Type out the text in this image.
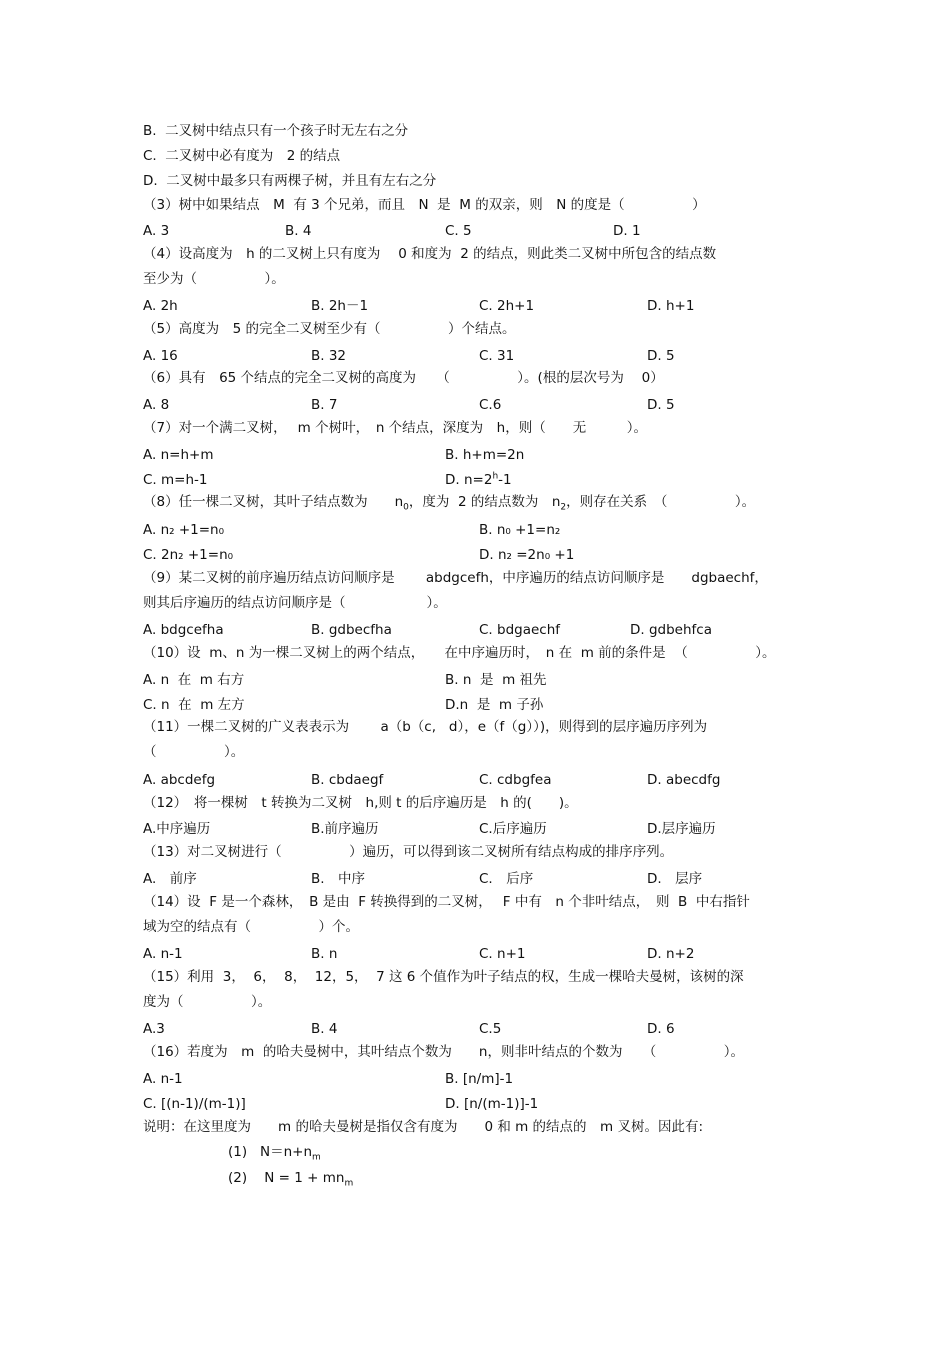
B.  二叉树中结点只有一个孩子时无左右之分
C.  二叉树中必有度为　2 的结点
D.  二叉树中最多只有两棵子树，并且有左右之分
（3）树中如果结点　M  有 3 个兄弟，而且　N  是  M 的双亲，则　N 的度是（　　　　　）
A. 3	B. 4	C. 5	D. 1
（4）设高度为　h 的二叉树上只有度为　 0 和度为  2 的结点，则此类二叉树中所包含的结点数
至少为（　　　　　）。
A. 2h	B. 2h－1	C. 2h+1	D. h+1
（5）高度为　5 的完全二叉树至少有（　　　　　）个结点。
A. 16	B. 32	C. 31	D. 5
（6）具有　65 个结点的完全二叉树的高度为　　（　　　　　）。(根的层次号为　 0）
A. 8	B. 7	C.6	D. 5
（7）对一个满二叉树，　 m 个树叶，　n 个结点，深度为　h，则（　　无　　　）。
A. n=h+m	B. h+m=2n
C. m=h-1	D. $n=2^h-1$
（8）任一棵二叉树，其叶子结点数为　　$n_0$，度为  2 的结点数为　$n_2$，则存在关系　（　　　　　）。
A. n₂ +1=n₀	B. n₀ +1=n₂
C. 2n₂ +1=n₀	D. n₂ =2n₀ +1
（9）某二叉树的前序遍历结点访问顺序是　　 abdgcefh，中序遍历的结点访问顺序是　　dgbaechf，
则其后序遍历的结点访问顺序是（　　　　　　）。
A. bdgcefha	B. gdbecfha	C. bdgaechf	D. gdbehfca
（10）设  m、n 为一棵二叉树上的两个结点，　　在中序遍历时，　n 在  m 前的条件是  （　　　　　）。
A. n  在  m 右方	B. n  是  m 祖先
C. n  在  m 左方	D.n  是  m 子孙
（11）一棵二叉树的广义表表示为　　 a（b（c,   d），e（f（g））)，则得到的层序遍历序列为
（　　　　　）。
A. abcdefg	B. cbdaegf	C. cdbgfea	D. abecdfg
（12）　将一棵树　t 转换为二叉树　h,则 t 的后序遍历是　h 的(　　)。
A.中序遍历	B.前序遍历	C.后序遍历	D.层序遍历
（13）对二叉树进行（　　　　　）遍历，可以得到该二叉树所有结点构成的排序序列。
A.　前序	B.　中序	C.　后序	D.　层序
（14）设  F 是一个森林，　B 是由  F 转换得到的二叉树，　 F 中有　n 个非叶结点，　则  B  中右指针
域为空的结点有（　　　　　）个。
A. n-1	B. n	C. n+1	D. n+2
（15）利用  3，  6，  8，  12，5，  7 这 6 个值作为叶子结点的权，生成一棵哈夫曼树，该树的深
度为（　　　　　）。
A.3	B. 4	C.5	D. 6
（16）若度为　m  的哈夫曼树中，其叶结点个数为　　n，则非叶结点的个数为　　（　　　　　）。
A. n-1	B. [n/m]-1
C. [(n-1)/(m-1)]	D. [n/(m-1)]-1
说明：在这里度为　　m 的哈夫曼树是指仅含有度为　　0 和 m 的结点的　m 叉树。因此有:
(1)   $N=n+n_m$
(2)    $N = 1 + mn_m$
